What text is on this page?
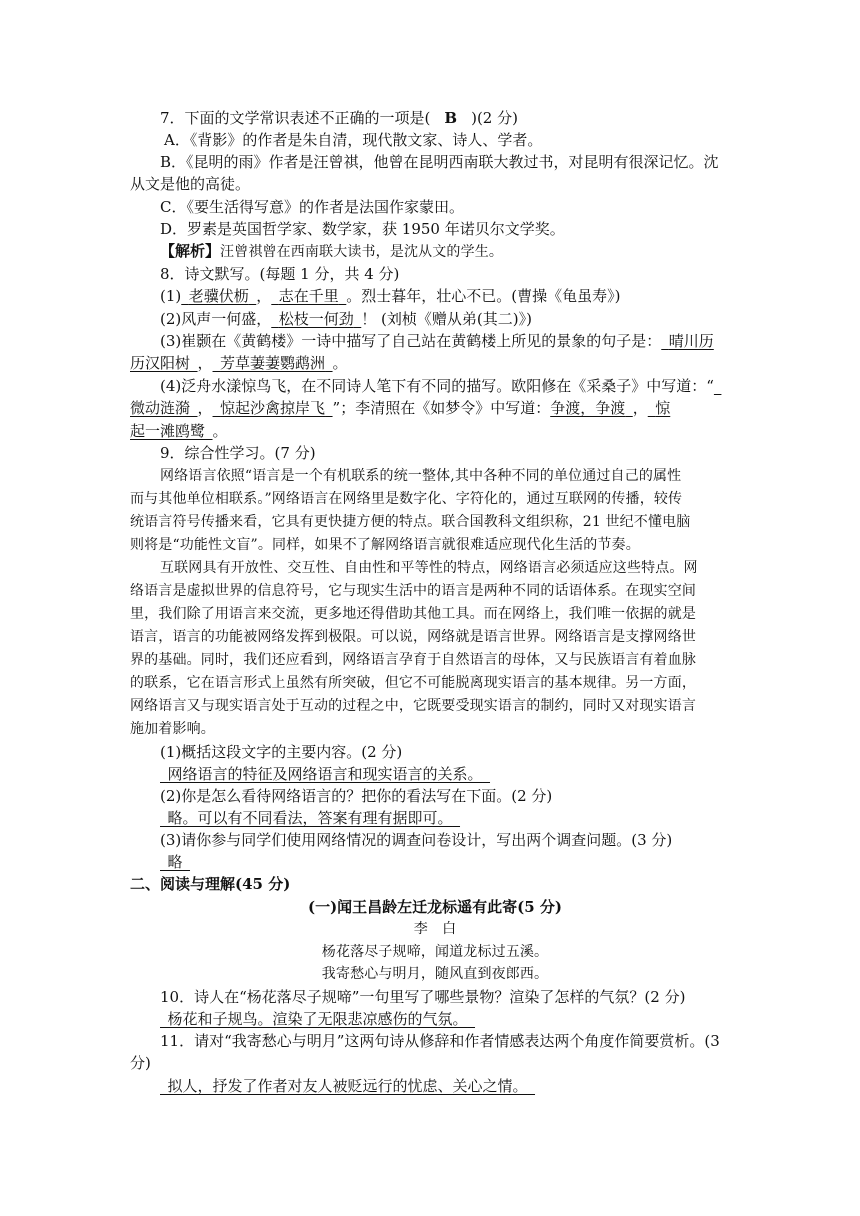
7．下面的文学常识表述不正确的一项是( B )(2 分)
A．《背影》的作者是朱自清，现代散文家、诗人、学者。
B．《昆明的雨》作者是汪曾祺，他曾在昆明西南联大教过书，对昆明有很深记忆。沈
从文是他的高徒。
C．《要生活得写意》的作者是法国作家蒙田。
D．罗素是英国哲学家、数学家，获 1950 年诺贝尔文学奖。
【解析】汪曾祺曾在西南联大读书，是沈从文的学生。
8．诗文默写。(每题 1 分，共 4 分)
(1)  老骥伏枥  ，  志在千里  。烈士暮年，壮心不已。(曹操《龟虽寿》)
(2)风声一何盛，  松枝一何劲  ！ (刘桢《赠从弟(其二)》)
(3)崔颢在《黄鹤楼》一诗中描写了自己站在黄鹤楼上所见的景象的句子是：  晴川历
历汉阳树  ，  芳草萋萋鹦鹉洲  。
(4)泛舟水漾惊鸟飞，在不同诗人笔下有不同的描写。欧阳修在《采桑子》中写道：“ 
微动涟漪  ，  惊起沙禽掠岸飞  ”；李清照在《如梦令》中写道：争渡，争渡  ，  惊
起一滩鸥鹭  。
9．综合性学习。(7 分)
网络语言依照“语言是一个有机联系的统一整体,其中各种不同的单位通过自己的属性
而与其他单位相联系。”网络语言在网络里是数字化、字符化的，通过互联网的传播，较传
统语言符号传播来看，它具有更快捷方便的特点。联合国教科文组织称，21 世纪不懂电脑
则将是“功能性文盲”。同样，如果不了解网络语言就很难适应现代化生活的节奏。
互联网具有开放性、交互性、自由性和平等性的特点，网络语言必须适应这些特点。网
络语言是虚拟世界的信息符号，它与现实生活中的语言是两种不同的话语体系。在现实空间
里，我们除了用语言来交流，更多地还得借助其他工具。而在网络上，我们唯一依据的就是
语言，语言的功能被网络发挥到极限。可以说，网络就是语言世界。网络语言是支撑网络世
界的基础。同时，我们还应看到，网络语言孕育于自然语言的母体，又与民族语言有着血脉
的联系，它在语言形式上虽然有所突破，但它不可能脱离现实语言的基本规律。另一方面，
网络语言又与现实语言处于互动的过程之中，它既要受现实语言的制约，同时又对现实语言
施加着影响。
(1)概括这段文字的主要内容。(2 分)
 网络语言的特征及网络语言和现实语言的关系。 
(2)你是怎么看待网络语言的？把你的看法写在下面。(2 分)
 略。可以有不同看法，答案有理有据即可。 
(3)请你参与同学们使用网络情况的调查问卷设计，写出两个调查问题。(3 分)
 略 
二、阅读与理解(45 分)
(一)闻王昌龄左迁龙标遥有此寄(5 分)
李　白
杨花落尽子规啼，闻道龙标过五溪。
我寄愁心与明月，随风直到夜郎西。
10．诗人在“杨花落尽子规啼”一句里写了哪些景物？渲染了怎样的气氛？(2 分)
 杨花和子规鸟。渲染了无限悲凉感伤的气氛。 
11．请对“我寄愁心与明月”这两句诗从修辞和作者情感表达两个角度作简要赏析。(3
分)
 拟人，抒发了作者对友人被贬远行的忧虑、关心之情。 
